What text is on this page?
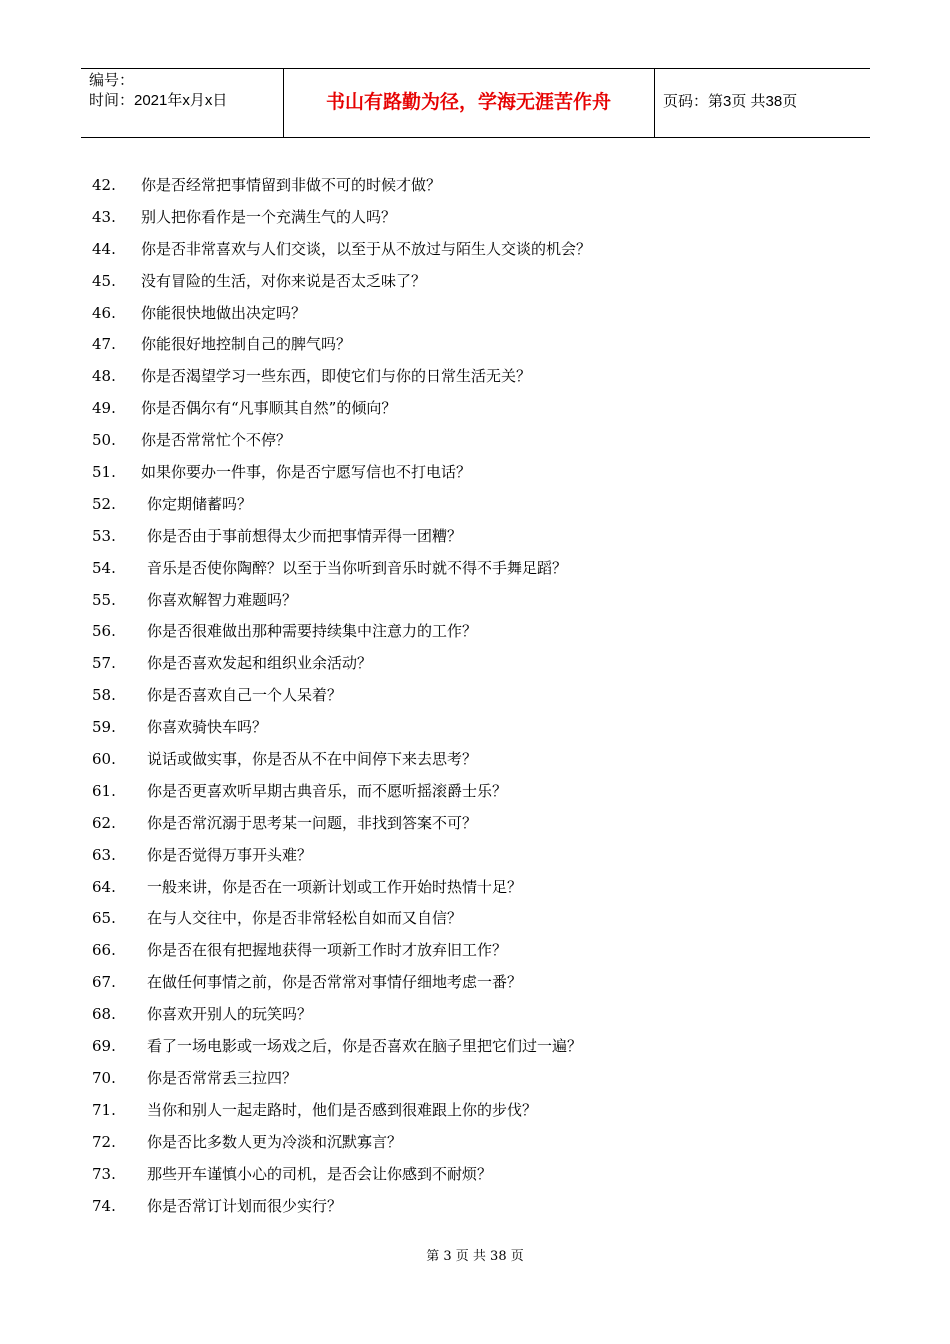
编号：
时间：2021年x月x日	书山有路勤为径，学海无涯苦作舟	页码：第3页 共38页
42.	你是否经常把事情留到非做不可的时候才做？
43.	别人把你看作是一个充满生气的人吗？
44.	你是否非常喜欢与人们交谈，以至于从不放过与陌生人交谈的机会？
45.	没有冒险的生活，对你来说是否太乏味了？
46.	你能很快地做出决定吗？
47.	你能很好地控制自己的脾气吗？
48.	你是否渴望学习一些东西，即使它们与你的日常生活无关？
49.	你是否偶尔有“凡事顺其自然”的倾向？
50.	你是否常常忙个不停？
51.	如果你要办一件事，你是否宁愿写信也不打电话？
52.	你定期储蓄吗？
53.	你是否由于事前想得太少而把事情弄得一团糟？
54.	音乐是否使你陶醉？以至于当你听到音乐时就不得不手舞足蹈？
55.	你喜欢解智力难题吗？
56.	你是否很难做出那种需要持续集中注意力的工作？
57.	你是否喜欢发起和组织业余活动？
58.	你是否喜欢自己一个人呆着？
59.	你喜欢骑快车吗？
60.	说话或做实事，你是否从不在中间停下来去思考？
61.	你是否更喜欢听早期古典音乐，而不愿听摇滚爵士乐？
62.	你是否常沉溺于思考某一问题，非找到答案不可？
63.	你是否觉得万事开头难？
64.	一般来讲，你是否在一项新计划或工作开始时热情十足？
65.	在与人交往中，你是否非常轻松自如而又自信？
66.	你是否在很有把握地获得一项新工作时才放弃旧工作？
67.	在做任何事情之前，你是否常常对事情仔细地考虑一番？
68.	你喜欢开别人的玩笑吗？
69.	看了一场电影或一场戏之后，你是否喜欢在脑子里把它们过一遍？
70.	你是否常常丢三拉四？
71.	当你和别人一起走路时，他们是否感到很难跟上你的步伐？
72.	你是否比多数人更为冷淡和沉默寡言？
73.	那些开车谨慎小心的司机，是否会让你感到不耐烦？
74.	你是否常订计划而很少实行？
第 3 页 共 38 页
